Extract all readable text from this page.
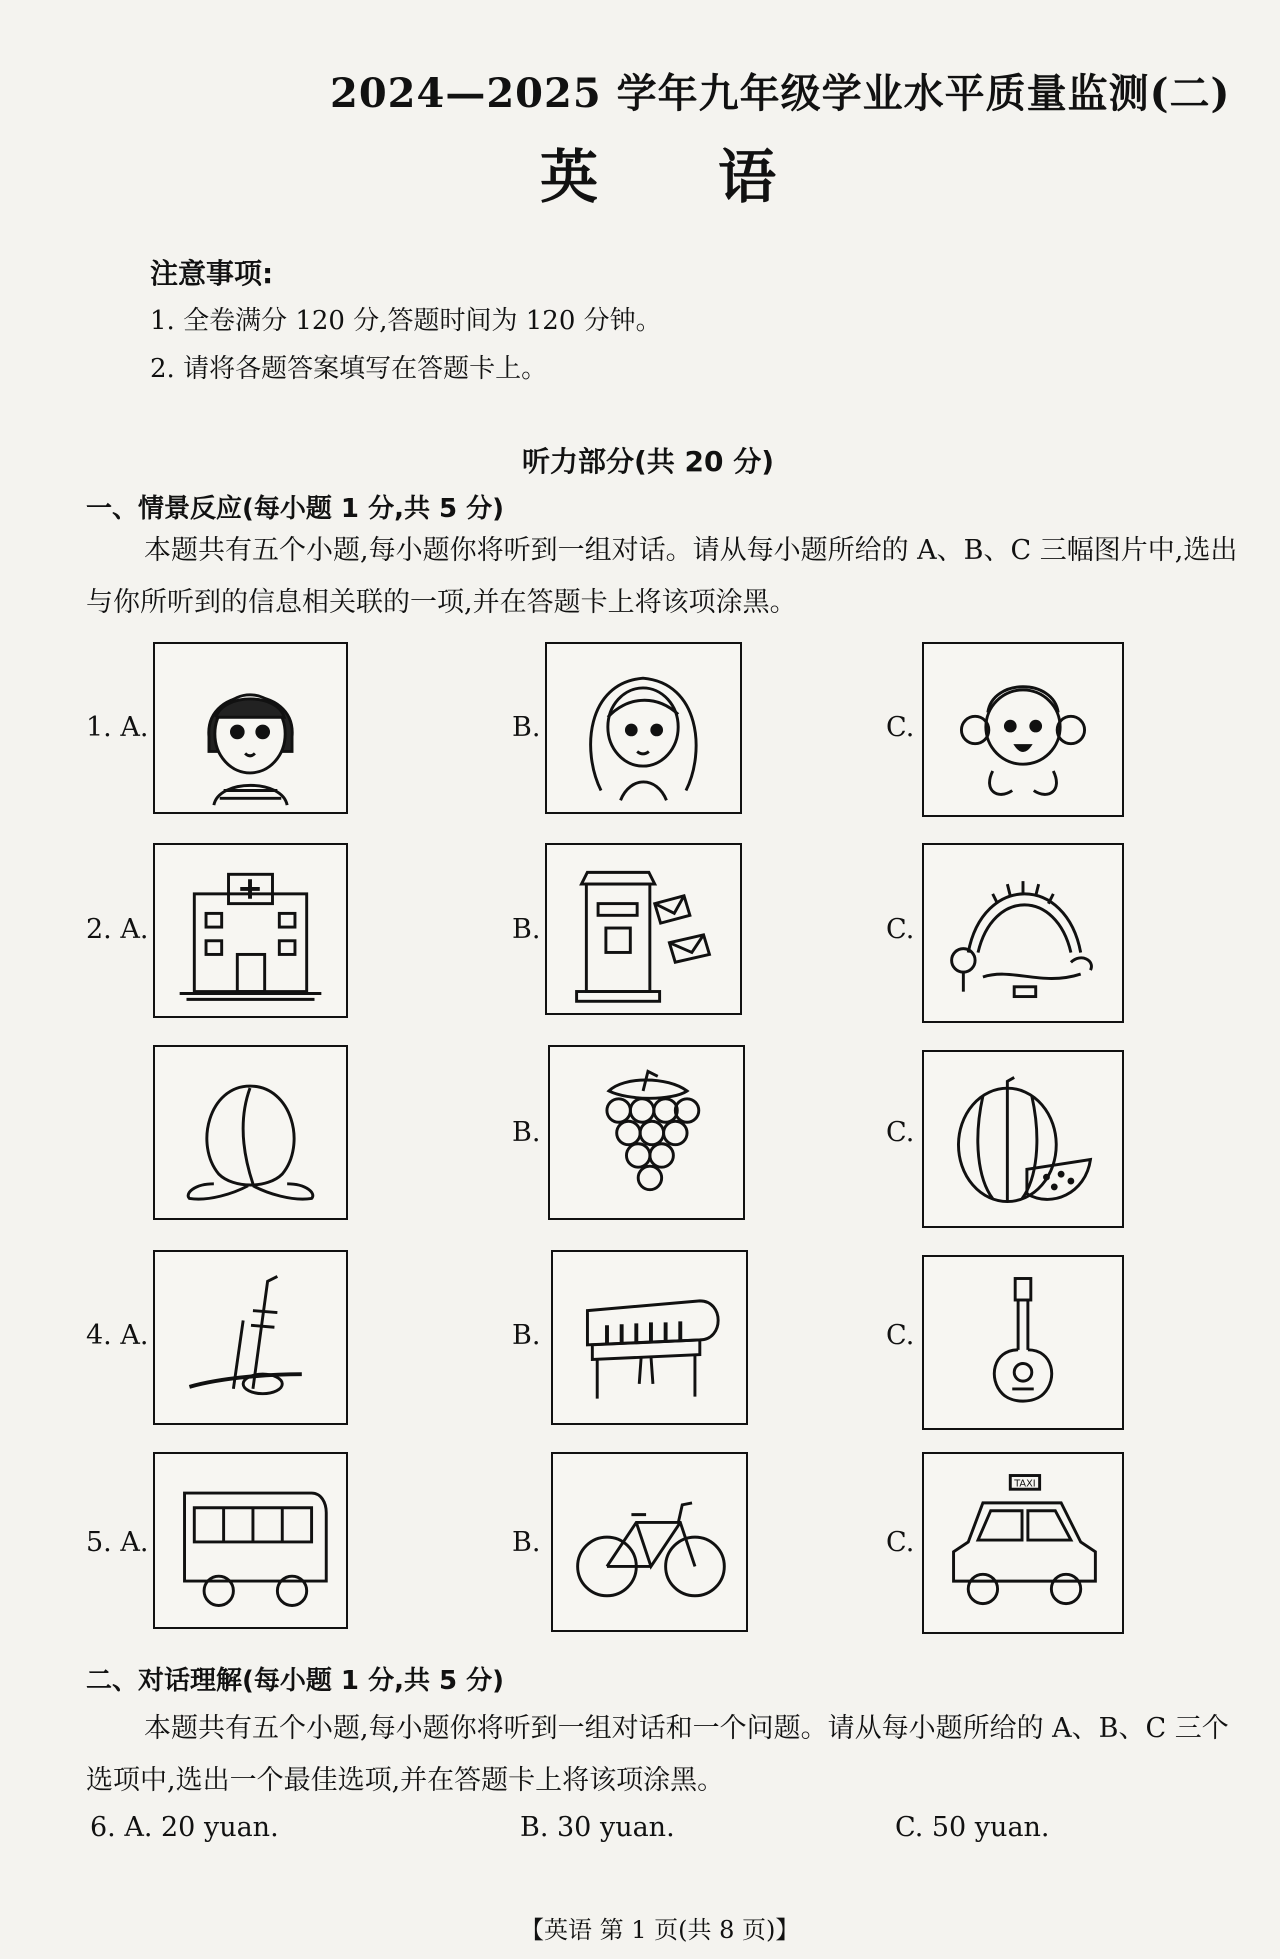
2024—2025 学年九年级学业水平质量监测(二)
英语
注意事项:
1. 全卷满分 120 分,答题时间为 120 分钟。
2. 请将各题答案填写在答题卡上。
听力部分(共 20 分)
一、情景反应(每小题 1 分,共 5 分)
本题共有五个小题,每小题你将听到一组对话。请从每小题所给的 A、B、C 三幅图片中,选出与你所听到的信息相关联的一项,并在答题卡上将该项涂黑。
1. A.	B.	C.
2. A.	B.	C.
B.	C.
4. A.	B.	C.
5. A.	B.	C.
TAXI
二、对话理解(每小题 1 分,共 5 分)
本题共有五个小题,每小题你将听到一组对话和一个问题。请从每小题所给的 A、B、C 三个选项中,选出一个最佳选项,并在答题卡上将该项涂黑。
6. A. 20 yuan.	B. 30 yuan.	C. 50 yuan.
【英语 第 1 页(共 8 页)】
